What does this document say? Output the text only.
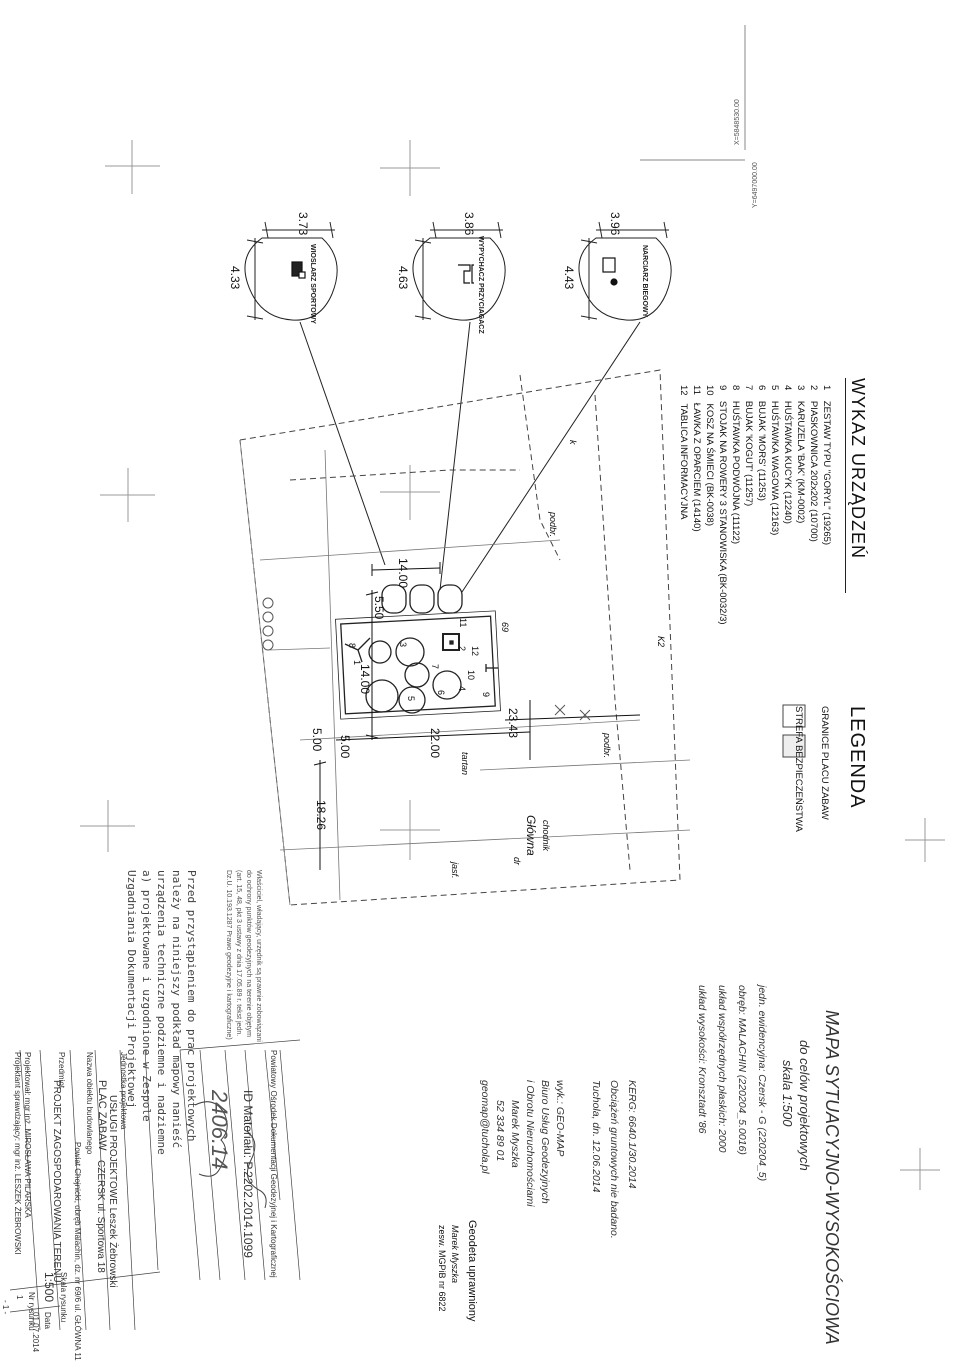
X=5848530.00
Y=6497000.00
NARCIARZ BIEGOWY
3.96
4.43
WYPYCHACZ PRZYCIAGACZ
3.86
4.63
WIOSLARZ SPORTOWY
3.73
4.33
WYKAZ URZĄDZEŃ
1    ZESTAW TYPU "GORYL" (19265)
2    PIASKOWNICA 202x202 (10700)
3    KARUZELA 'BAK' (KM-0002)
4    HUŚTAWKA KUCYK (12240)
5    HUŚTAWKA WAGOWA (12163)
6    BUJAK 'MORS' (11253)
7    BUJAK 'KOGUT' (11257)
8    HUŚTAWKA PODWÓJNA (11122)
9    STOJAK NA ROWERY 3 STANOWISKA (BK-0032/3)
10   KOSZ NA ŚMIECI (BK-0038)
11   ŁAWKA Z OPARCIEM (14140)
12   TABLICA INFORMACYJNA
LEGENDA
GRANICE PLACU ZABAW
STREFA BEZPIECZEŃSTWA
14.00
14.00
5.50
5.00 5.00	22.00
23.43
18.26
1
2
3
4
5
6
7
8
9
10
11
12
podbr.
podbr.
tartan
Główna chodnik
jasf.
K2
69
k
dr
MAPA SYTUACYJNO-WYSOKOŚCIOWA
do celów projektowych
skala 1:500
jedn. ewidencyjna: Czersk - G (220204_5)
obręb: MALACHIN (220204_5.0016)
układ współrzędnych płaskich: 2000
układ wysokości: Kronsztadt '86
KERG: 6640.1/30.2014
Obciążeń gruntowych nie badano.
Tuchola, dn. 12.06.2014
wyk.: GEO-MAP
Biuro Usług Geodezyjnych
i Obrotu Nieruchomościami
Marek Myszka
52 334 89 01
geomap@tuchola.pl
Geodeta uprawniony
Marek Myszka
zesw. MGPiB nr 6822
Przed przystąpieniem do prac projektowych
należy na niniejszy podkład mapowy nanieść
urządzenia techniczne podziemne i nadziemne
a) projektowane i uzgodnione w Zespole
Uzgadniania Dokumentacji Projektowej	Właściciel, władający, urzędnik są prawnie zobowiązani
do ochrony punktów geodezyjnych na terenie objętym
(art. 15, 48, pkt 3 ustawy z dnia 17.05.89 r. tekst jedn.
Dz.U. 10.193.1287 Prawo geodezyjne i kartograficzne)
Jednostka projektowa
USŁUGI PROJEKTOWE Leszek Żebrowski
CZERSK ul. Sportowa 18
Nazwa obiektu budowlanego PLAC ZABAW
Powiat Chojnicki, obręb Malachin, dz. nr 69/6 ul. GŁÓWNA 11
Przedmiot
PROJEKT ZAGOSPODAROWANIA TERENU
Projektował: mgr inż. MIROSŁAWA PILARSKA
Projektant sprawdzający: mgr inż. LESZEK ŻEBROWSKI
Skala rysunku
1:500
Nr rysunku
1
Data
01.07.2014
ID Materiału: P.2202.2014.1099 Powiatowy Ośrodek Dokumentacji Geodezyjnej i Kartograficznej
2406.14
- 1 -
